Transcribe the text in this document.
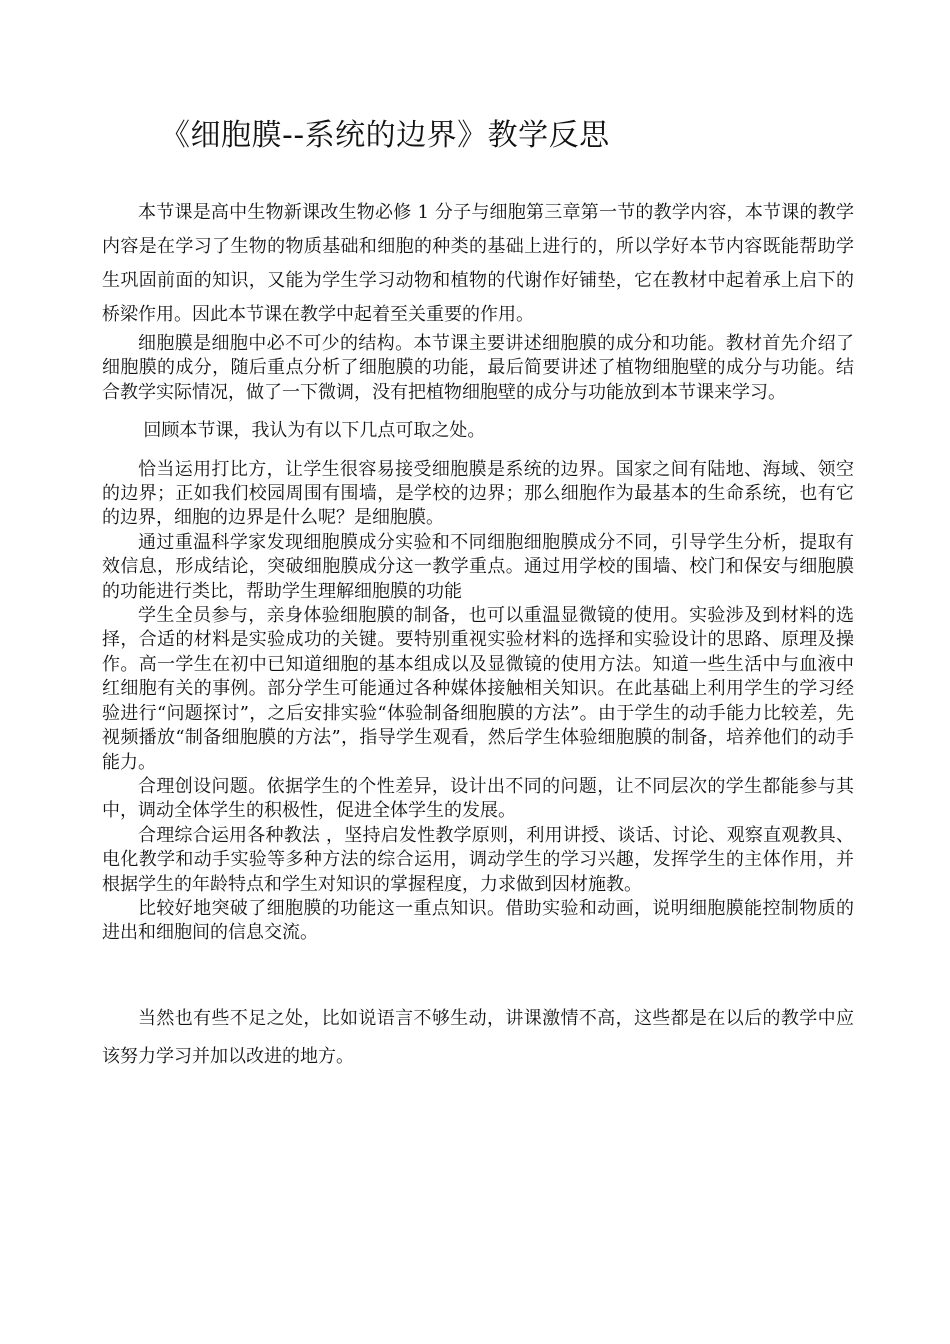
《细胞膜--系统的边界》教学反思

本节课是高中生物新课改生物必修 1 分子与细胞第三章第一节的教学内容，本节课的教学内容是在学习了生物的物质基础和细胞的种类的基础上进行的，所以学好本节内容既能帮助学生巩固前面的知识，又能为学生学习动物和植物的代谢作好铺垫，它在教材中起着承上启下的桥梁作用。因此本节课在教学中起着至关重要的作用。

细胞膜是细胞中必不可少的结构。本节课主要讲述细胞膜的成分和功能。教材首先介绍了细胞膜的成分，随后重点分析了细胞膜的功能，最后简要讲述了植物细胞壁的成分与功能。结合教学实际情况，做了一下微调，没有把植物细胞壁的成分与功能放到本节课来学习。

回顾本节课，我认为有以下几点可取之处。

恰当运用打比方，让学生很容易接受细胞膜是系统的边界。国家之间有陆地、海域、领空的边界；正如我们校园周围有围墙，是学校的边界；那么细胞作为最基本的生命系统，也有它的边界，细胞的边界是什么呢？是细胞膜。

通过重温科学家发现细胞膜成分实验和不同细胞细胞膜成分不同，引导学生分析，提取有效信息，形成结论，突破细胞膜成分这一教学重点。通过用学校的围墙、校门和保安与细胞膜的功能进行类比，帮助学生理解细胞膜的功能

学生全员参与，亲身体验细胞膜的制备，也可以重温显微镜的使用。实验涉及到材料的选择，合适的材料是实验成功的关键。要特别重视实验材料的选择和实验设计的思路、原理及操作。高一学生在初中已知道细胞的基本组成以及显微镜的使用方法。知道一些生活中与血液中红细胞有关的事例。部分学生可能通过各种媒体接触相关知识。在此基础上利用学生的学习经验进行“问题探讨”，之后安排实验“体验制备细胞膜的方法”。由于学生的动手能力比较差，先视频播放“制备细胞膜的方法”，指导学生观看，然后学生体验细胞膜的制备，培养他们的动手能力。

合理创设问题。依据学生的个性差异，设计出不同的问题，让不同层次的学生都能参与其中，调动全体学生的积极性，促进全体学生的发展。

合理综合运用各种教法 ，坚持启发性教学原则，利用讲授、谈话、讨论、观察直观教具、电化教学和动手实验等多种方法的综合运用，调动学生的学习兴趣，发挥学生的主体作用，并根据学生的年龄特点和学生对知识的掌握程度，力求做到因材施教。

比较好地突破了细胞膜的功能这一重点知识。借助实验和动画，说明细胞膜能控制物质的进出和细胞间的信息交流。

当然也有些不足之处，比如说语言不够生动，讲课激情不高，这些都是在以后的教学中应该努力学习并加以改进的地方。
